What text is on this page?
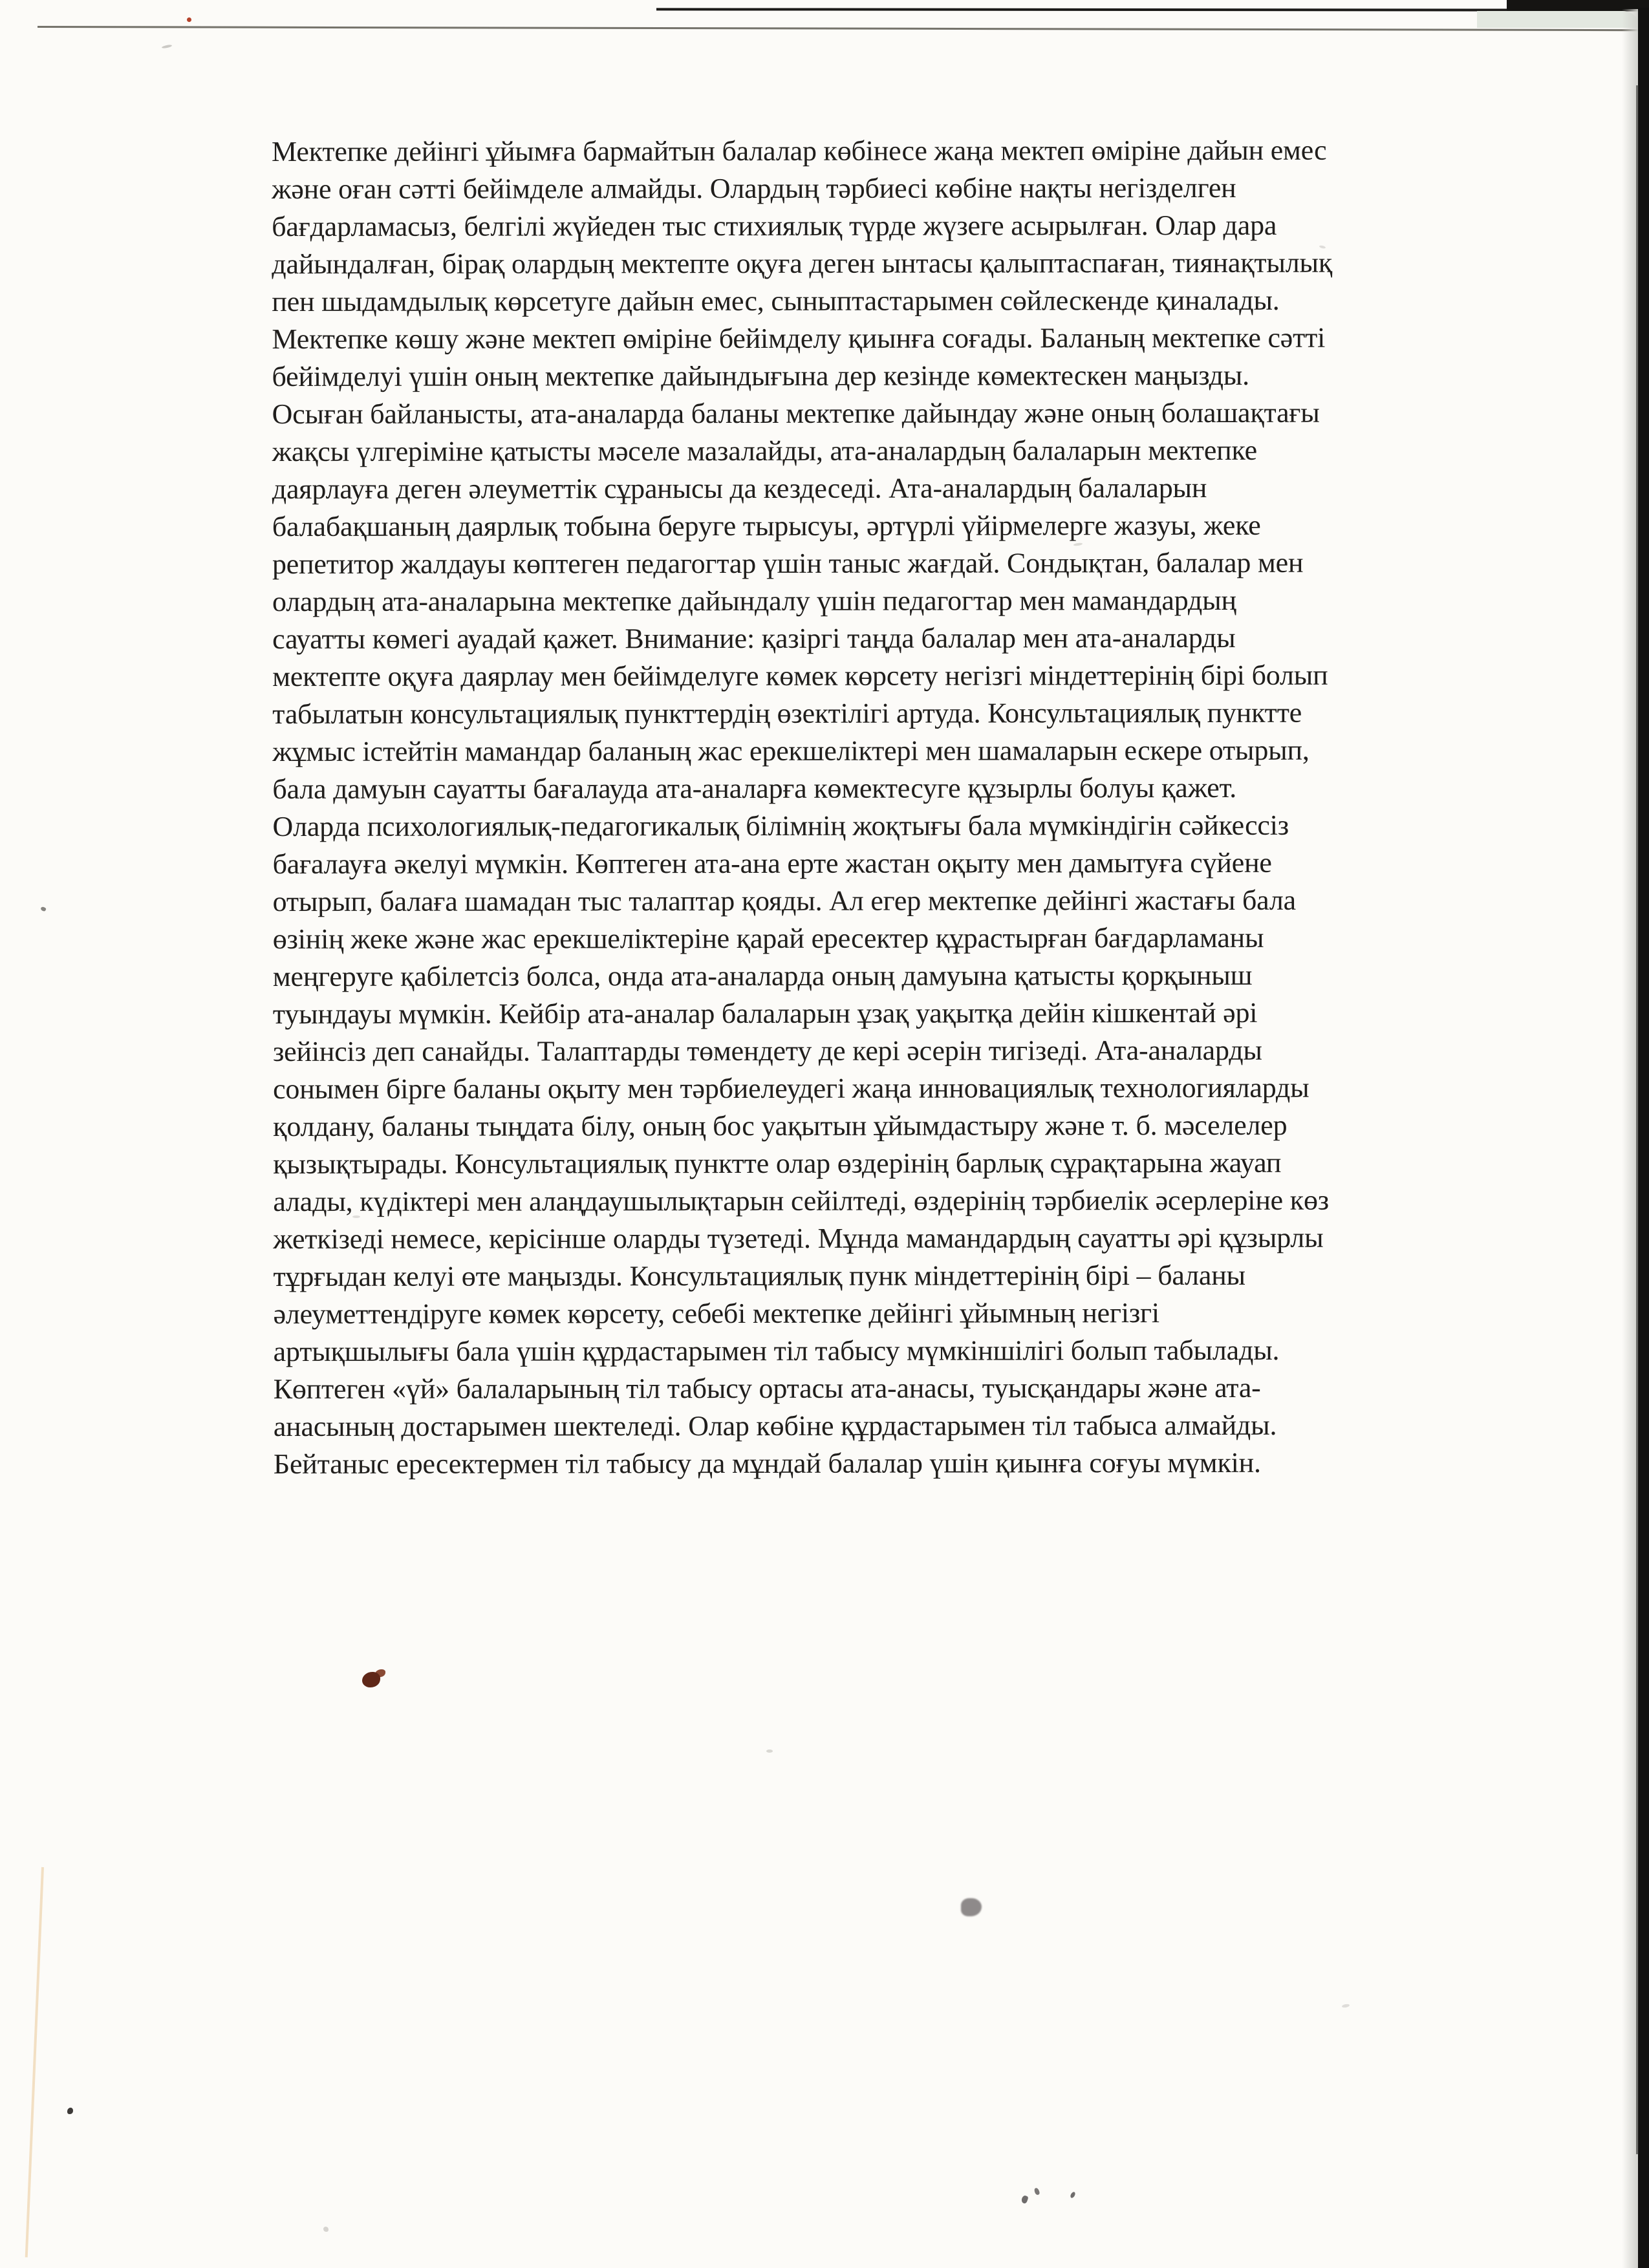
Мектепке дейінгі ұйымға бармайтын балалар көбінесе жаңа мектеп өміріне дайын емес
және оған сәтті бейімделе алмайды. Олардың тәрбиесі көбіне нақты негізделген
бағдарламасыз, белгілі жүйеден тыс стихиялық түрде жүзеге асырылған. Олар дара
дайындалған, бірақ олардың мектепте оқуға деген ынтасы қалыптаспаған, тиянақтылық
пен шыдамдылық көрсетуге дайын емес, сыныптастарымен сөйлескенде қиналады.
Мектепке көшу және мектеп өміріне бейімделу қиынға соғады. Баланың мектепке сәтті
бейімделуі үшін оның мектепке дайындығына дер кезінде көмектескен маңызды.
Осыған байланысты, ата-аналарда баланы мектепке дайындау және оның болашақтағы
жақсы үлгеріміне қатысты мәселе мазалайды, ата-аналардың балаларын мектепке
даярлауға деген әлеуметтік сұранысы да кездеседі. Ата-аналардың балаларын
балабақшаның даярлық тобына беруге тырысуы, әртүрлі үйірмелерге жазуы, жеке
репетитор жалдауы көптеген педагогтар үшін таныс жағдай. Сондықтан, балалар мен
олардың ата-аналарына мектепке дайындалу үшін педагогтар мен мамандардың
сауатты көмегі ауадай қажет. Внимание: қазіргі таңда балалар мен ата-аналарды
мектепте оқуға даярлау мен бейімделуге көмек көрсету негізгі міндеттерінің бірі болып
табылатын консультациялық пункттердің өзектілігі артуда. Консультациялық пунктте
жұмыс істейтін мамандар баланың жас ерекшеліктері мен шамаларын ескере отырып,
бала дамуын сауатты бағалауда ата-аналарға көмектесуге құзырлы болуы қажет.
Оларда психологиялық-педагогикалық білімнің жоқтығы бала мүмкіндігін сәйкессіз
бағалауға әкелуі мүмкін. Көптеген ата-ана ерте жастан оқыту мен дамытуға сүйене
отырып, балаға шамадан тыс талаптар қояды. Ал егер мектепке дейінгі жастағы бала
өзінің жеке және жас ерекшеліктеріне қарай ересектер құрастырған бағдарламаны
меңгеруге қабілетсіз болса, онда ата-аналарда оның дамуына қатысты қорқыныш
туындауы мүмкін. Кейбір ата-аналар балаларын ұзақ уақытқа дейін кішкентай әрі
зейінсіз деп санайды. Талаптарды төмендету де кері әсерін тигізеді. Ата-аналарды
сонымен бірге баланы оқыту мен тәрбиелеудегі жаңа инновациялық технологияларды
қолдану, баланы тыңдата білу, оның бос уақытын ұйымдастыру және т. б. мәселелер
қызықтырады. Консультациялық пунктте олар өздерінің барлық сұрақтарына жауап
алады, күдіктері мен алаңдаушылықтарын сейілтеді, өздерінің тәрбиелік әсерлеріне көз
жеткізеді немесе, керісінше оларды түзетеді. Мұнда мамандардың сауатты әрі құзырлы
тұрғыдан келуі өте маңызды. Консультациялық пунк міндеттерінің бірі – баланы
әлеуметтендіруге көмек көрсету, себебі мектепке дейінгі ұйымның негізгі
артықшылығы бала үшін құрдастарымен тіл табысу мүмкіншілігі болып табылады.
Көптеген «үй» балаларының тіл табысу ортасы ата-анасы, туысқандары және ата-
анасының достарымен шектеледі. Олар көбіне құрдастарымен тіл табыса алмайды.
Бейтаныс ересектермен тіл табысу да мұндай балалар үшін қиынға соғуы мүмкін.
